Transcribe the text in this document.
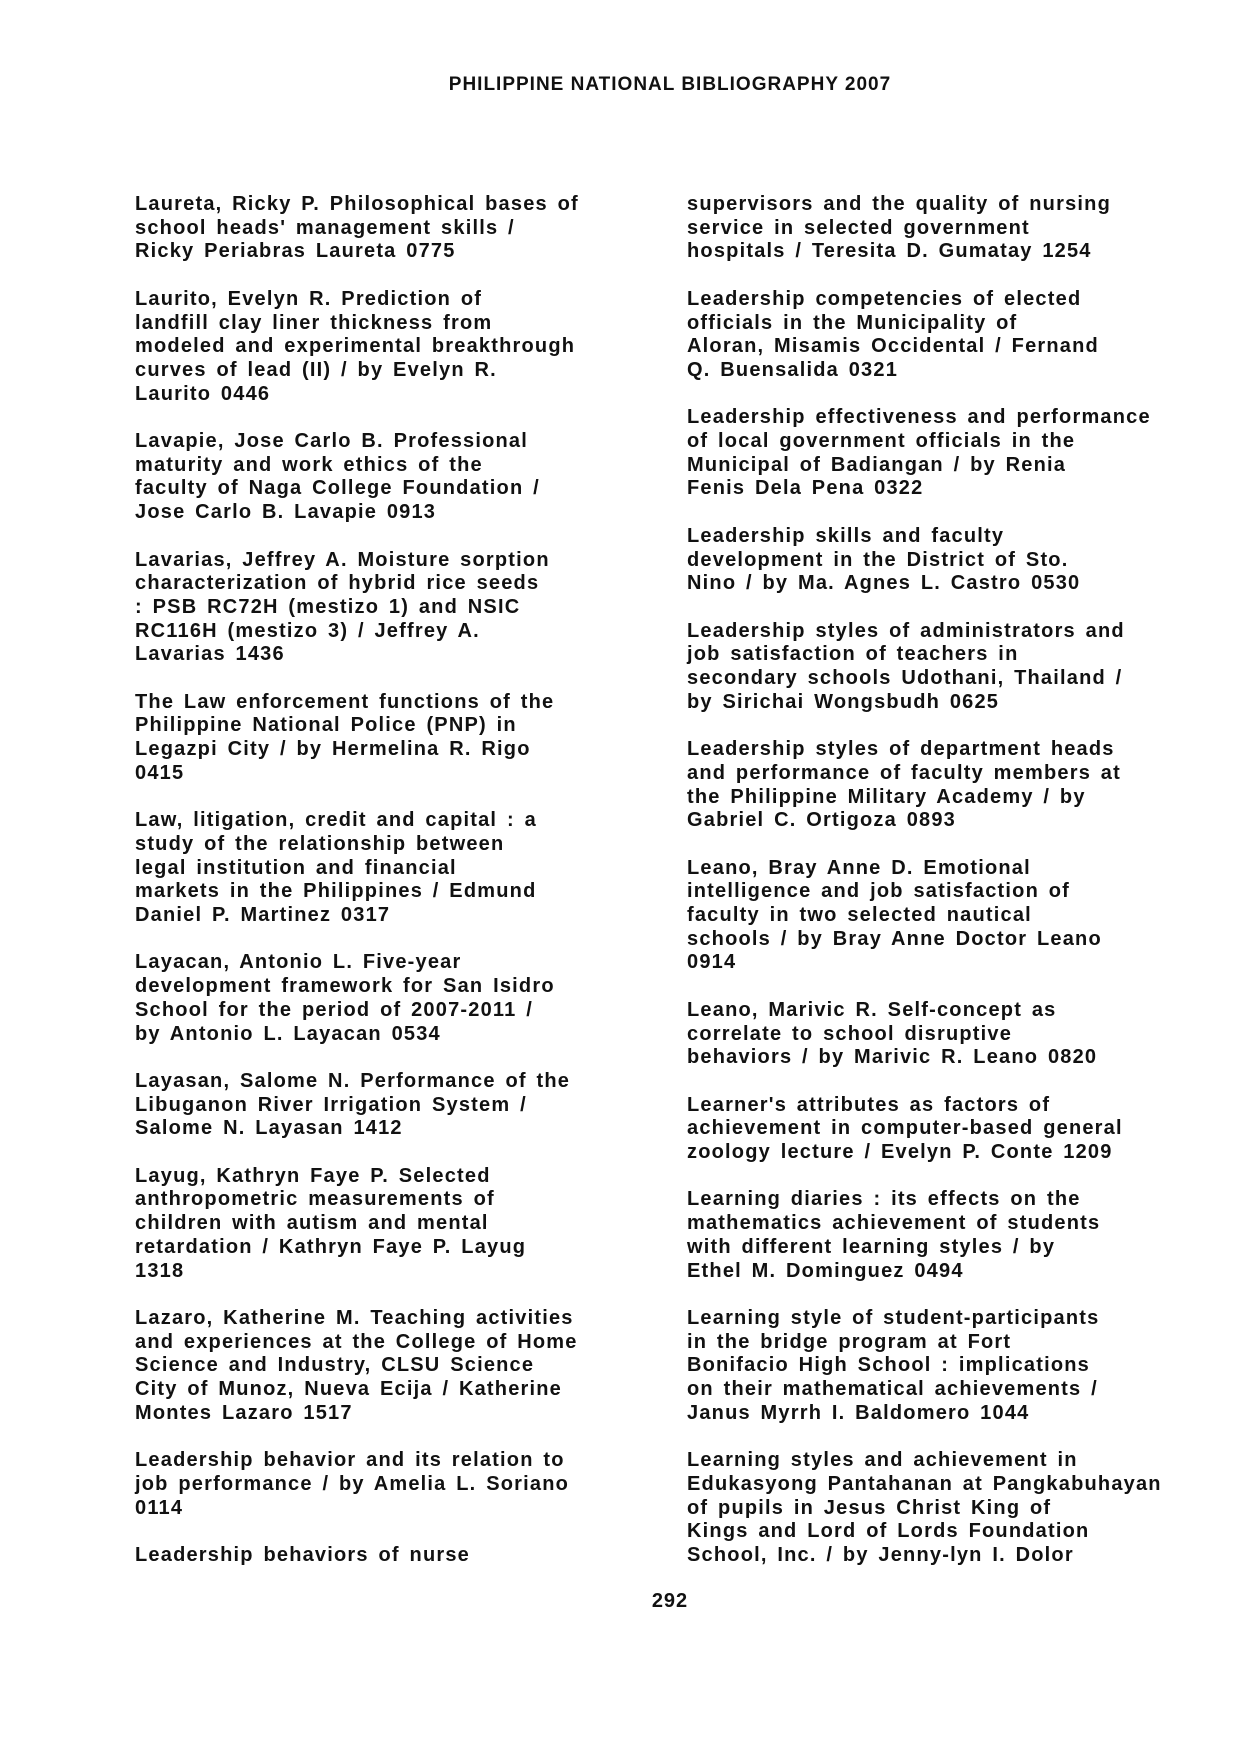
PHILIPPINE NATIONAL BIBLIOGRAPHY 2007
Laureta, Ricky P. Philosophical bases of
school heads' management skills /
Ricky Periabras Laureta 0775
Laurito, Evelyn R. Prediction of
landfill clay liner thickness from
modeled and experimental breakthrough
curves of lead (II) / by Evelyn R.
Laurito 0446
Lavapie, Jose Carlo B. Professional
maturity and work ethics of the
faculty of Naga College Foundation /
Jose Carlo B. Lavapie 0913
Lavarias, Jeffrey A. Moisture sorption
characterization of hybrid rice seeds
: PSB RC72H (mestizo 1) and NSIC
RC116H (mestizo 3) / Jeffrey A.
Lavarias 1436
The Law enforcement functions of the
Philippine National Police (PNP) in
Legazpi City / by Hermelina R. Rigo
0415
Law, litigation, credit and capital : a
study of the relationship between
legal institution and financial
markets in the Philippines / Edmund
Daniel P. Martinez 0317
Layacan, Antonio L. Five-year
development framework for San Isidro
School for the period of 2007-2011 /
by Antonio L. Layacan 0534
Layasan, Salome N. Performance of the
Libuganon River Irrigation System /
Salome N. Layasan 1412
Layug, Kathryn Faye P. Selected
anthropometric measurements of
children with autism and mental
retardation / Kathryn Faye P. Layug
1318
Lazaro, Katherine M. Teaching activities
and experiences at the College of Home
Science and Industry, CLSU Science
City of Munoz, Nueva Ecija / Katherine
Montes Lazaro 1517
Leadership behavior and its relation to
job performance / by Amelia L. Soriano
0114
Leadership behaviors of nurse
supervisors and the quality of nursing
service in selected government
hospitals / Teresita D. Gumatay 1254
Leadership competencies of elected
officials in the Municipality of
Aloran, Misamis Occidental / Fernand
Q. Buensalida 0321
Leadership effectiveness and performance
of local government officials in the
Municipal of Badiangan / by Renia
Fenis Dela Pena 0322
Leadership skills and faculty
development in the District of Sto.
Nino / by Ma. Agnes L. Castro 0530
Leadership styles of administrators and
job satisfaction of teachers in
secondary schools Udothani, Thailand /
by Sirichai Wongsbudh 0625
Leadership styles of department heads
and performance of faculty members at
the Philippine Military Academy / by
Gabriel C. Ortigoza 0893
Leano, Bray Anne D. Emotional
intelligence and job satisfaction of
faculty in two selected nautical
schools / by Bray Anne Doctor Leano
0914
Leano, Marivic R. Self-concept as
correlate to school disruptive
behaviors / by Marivic R. Leano 0820
Learner's attributes as factors of
achievement in computer-based general
zoology lecture / Evelyn P. Conte 1209
Learning diaries : its effects on the
mathematics achievement of students
with different learning styles / by
Ethel M. Dominguez 0494
Learning style of student-participants
in the bridge program at Fort
Bonifacio High School : implications
on their mathematical achievements /
Janus Myrrh I. Baldomero 1044
Learning styles and achievement in
Edukasyong Pantahanan at Pangkabuhayan
of pupils in Jesus Christ King of
Kings and Lord of Lords Foundation
School, Inc. / by Jenny-lyn I. Dolor
292
